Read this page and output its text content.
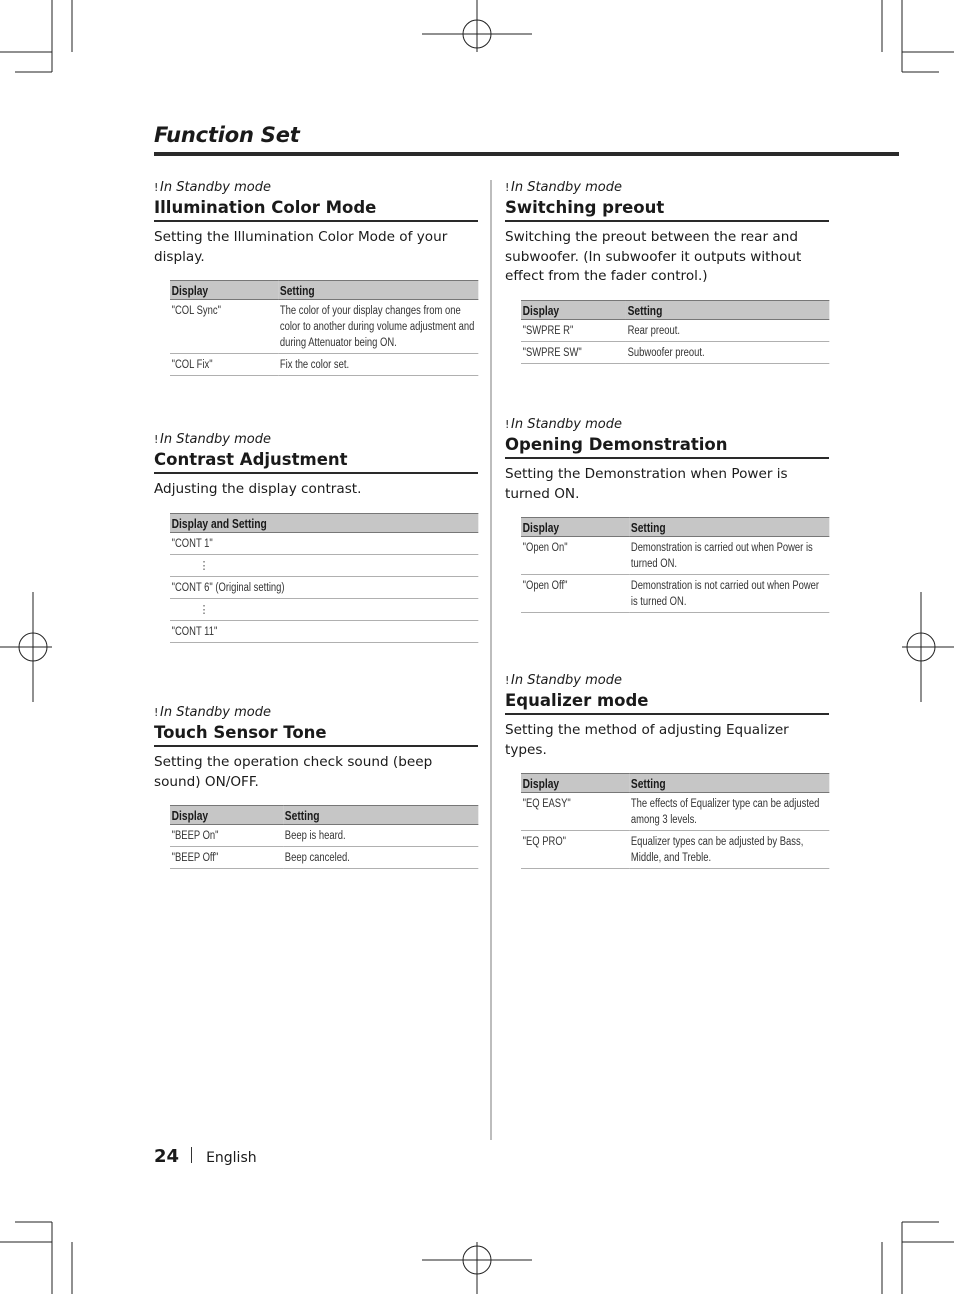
Function Set
! In Standby mode
Illumination Color Mode

Setting the Illumination Color Mode of your display.

Display	Setting
"COL Sync"	The color of your display changes from one color to another during volume adjustment and during Attenuator being ON.
"COL Fix"	Fix the color set.
! In Standby mode
Contrast Adjustment

Adjusting the display contrast.

Display and Setting
"CONT 1"
⋮
"CONT 6" (Original setting)
⋮
"CONT 11"
! In Standby mode
Touch Sensor Tone

Setting the operation check sound (beep sound) ON/OFF.

Display	Setting
"BEEP On"	Beep is heard.
"BEEP Off"	Beep canceled.
! In Standby mode
Switching preout

Switching the preout between the rear and subwoofer. (In subwoofer it outputs without effect from the fader control.)

Display	Setting
"SWPRE R"	Rear preout.
"SWPRE SW"	Subwoofer preout.
! In Standby mode
Opening Demonstration

Setting the Demonstration when Power is turned ON.

Display	Setting
"Open On"	Demonstration is carried out when Power is turned ON.
"Open Off"	Demonstration is not carried out when Power is turned ON.
! In Standby mode
Equalizer mode

Setting the method of adjusting Equalizer types.

Display	Setting
"EQ EASY"	The effects of Equalizer type can be adjusted among 3 levels.
"EQ PRO"	Equalizer types can be adjusted by Bass, Middle, and Treble.
24 English
